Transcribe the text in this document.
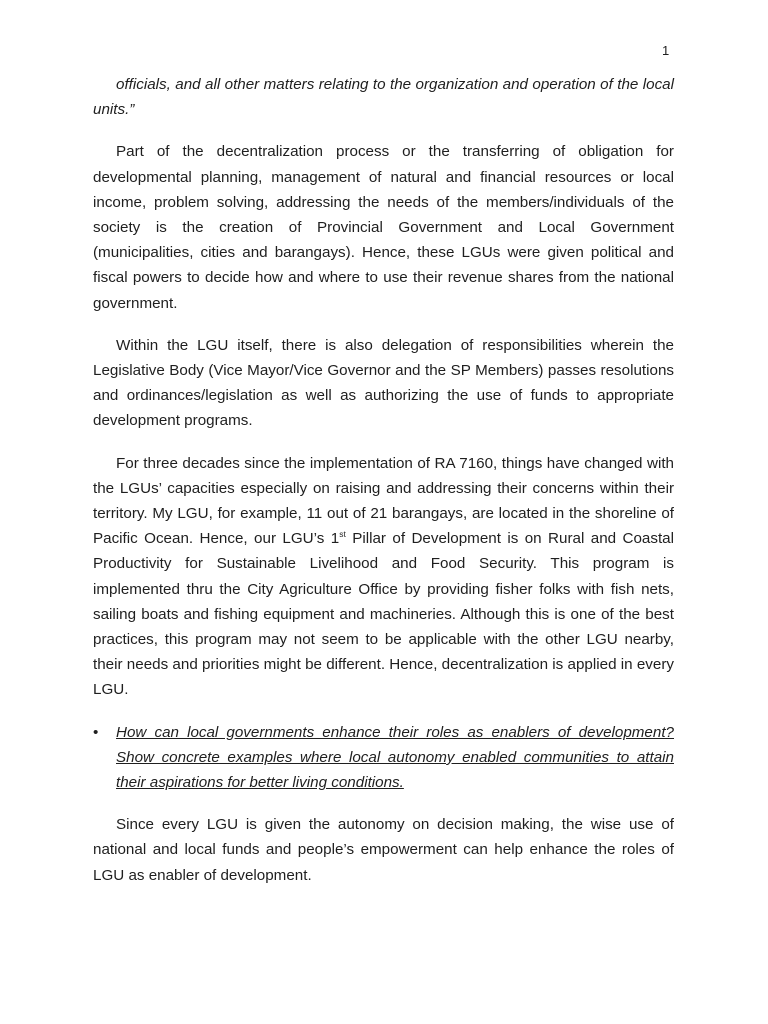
1

officials, and all other matters relating to the organization and operation of the local units.”

Part of the decentralization process or the transferring of obligation for developmental planning, management of natural and financial resources or local income, problem solving, addressing the needs of the members/individuals of the society is the creation of Provincial Government and Local Government (municipalities, cities and barangays). Hence, these LGUs were given political and fiscal powers to decide how and where to use their revenue shares from the national government.

Within the LGU itself, there is also delegation of responsibilities wherein the Legislative Body (Vice Mayor/Vice Governor and the SP Members) passes resolutions and ordinances/legislation as well as authorizing the use of funds to appropriate development programs.

For three decades since the implementation of RA 7160, things have changed with the LGUs’ capacities especially on raising and addressing their concerns within their territory. My LGU, for example, 11 out of 21 barangays, are located in the shoreline of Pacific Ocean. Hence, our LGU’s 1st Pillar of Development is on Rural and Coastal Productivity for Sustainable Livelihood and Food Security. This program is implemented thru the City Agriculture Office by providing fisher folks with fish nets, sailing boats and fishing equipment and machineries. Although this is one of the best practices, this program may not seem to be applicable with the other LGU nearby, their needs and priorities might be different. Hence, decentralization is applied in every LGU.

• How can local governments enhance their roles as enablers of development? Show concrete examples where local autonomy enabled communities to attain their aspirations for better living conditions.

Since every LGU is given the autonomy on decision making, the wise use of national and local funds and people’s empowerment can help enhance the roles of LGU as enabler of development.
